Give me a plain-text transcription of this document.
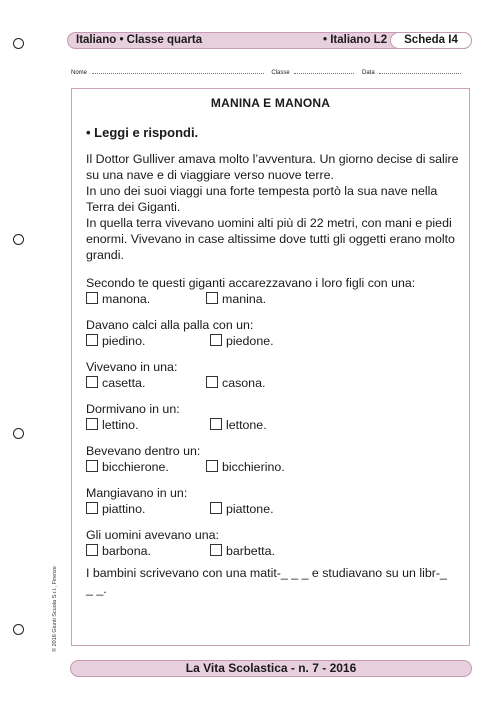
Italiano • Classe quarta	• Italiano L2	Scheda I4
Nome	Classe	Data
MANINA E MANONA
• Leggi e rispondi.

Il Dottor Gulliver amava molto l’avventura. Un giorno decise di salire su una nave e di viaggiare verso nuove terre.

In uno dei suoi viaggi una forte tempesta portò la sua nave nella Terra dei Giganti.

In quella terra vivevano uomini alti più di 22 metri, con mani e piedi enormi. Vivevano in case altissime dove tutti gli oggetti erano molto grandi.

Secondo te questi giganti accarezzavano i loro figli con una:
manona.	manina.
Davano calci alla palla con un:
piedino.	piedone.
Vivevano in una:
casetta.	casona.
Dormivano in un:
lettino.	lettone.
Bevevano dentro un:
bicchierone.	bicchierino.
Mangiavano in un:
piattino.	piattone.
Gli uomini avevano una:
barbona.	barbetta.
I bambini scrivevano con una matit-_ _ _ e studiavano su un libr-_ _ _.
© 2016 Giunti Scuola S.r.l., Firenze
La Vita Scolastica - n. 7 - 2016
